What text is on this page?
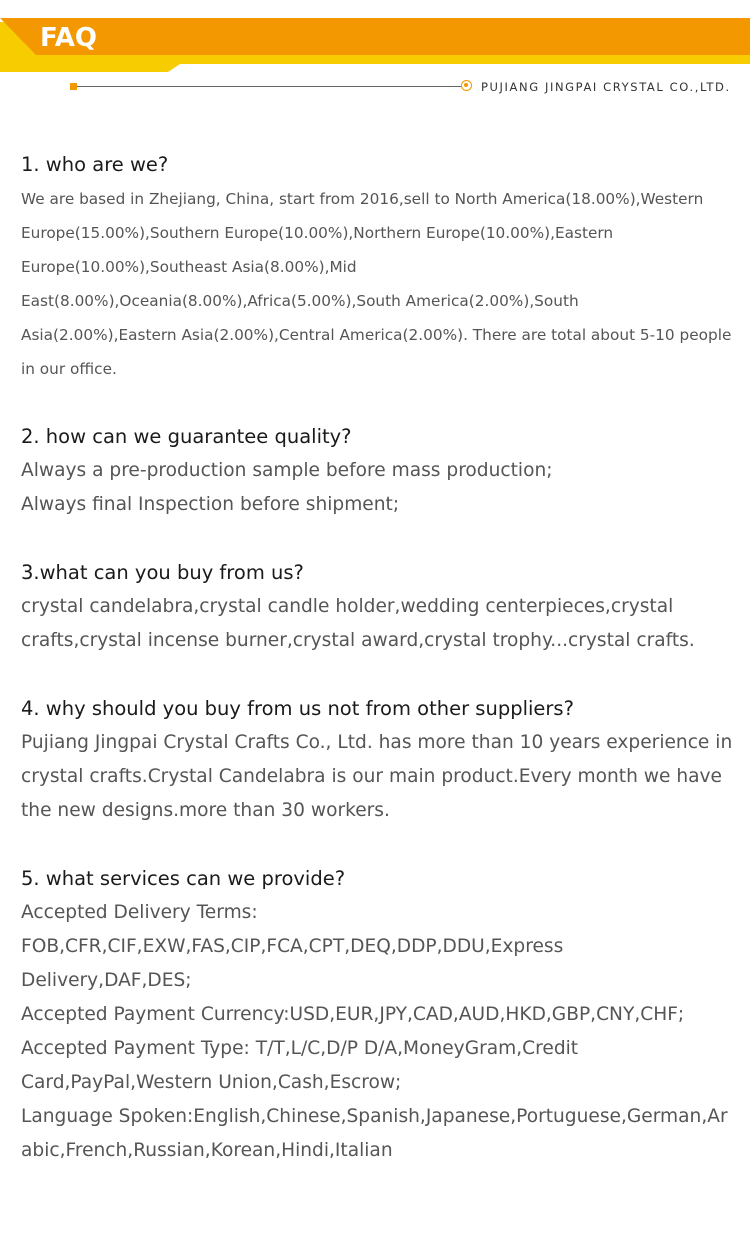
FAQ
PUJIANG JINGPAI CRYSTAL CO.,LTD.

1. who are we?

We are based in Zhejiang, China, start from 2016,sell to North America(18.00%),Western Europe(15.00%),Southern Europe(10.00%),Northern Europe(10.00%),Eastern Europe(10.00%),Southeast Asia(8.00%),Mid East(8.00%),Oceania(8.00%),Africa(5.00%),South America(2.00%),South Asia(2.00%),Eastern Asia(2.00%),Central America(2.00%). There are total about 5-10 people in our office.

2. how can we guarantee quality?

Always a pre-production sample before mass production;

Always final Inspection before shipment;

3.what can you buy from us?

crystal candelabra,crystal candle holder,wedding centerpieces,crystal crafts,crystal incense burner,crystal award,crystal trophy...crystal crafts.

4. why should you buy from us not from other suppliers?

Pujiang Jingpai Crystal Crafts Co., Ltd. has more than 10 years experience in crystal crafts.Crystal Candelabra is our main product.Every month we have the new designs.more than 30 workers.

5. what services can we provide?

Accepted Delivery Terms: FOB,CFR,CIF,EXW,FAS,CIP,FCA,CPT,DEQ,DDP,DDU,Express Delivery,DAF,DES;

Accepted Payment Currency:USD,EUR,JPY,CAD,AUD,HKD,GBP,CNY,CHF;

Accepted Payment Type: T/T,L/C,D/P D/A,MoneyGram,Credit Card,PayPal,Western Union,Cash,Escrow;

Language Spoken:English,Chinese,Spanish,Japanese,Portuguese,German,Arabic,French,Russian,Korean,Hindi,Italian
